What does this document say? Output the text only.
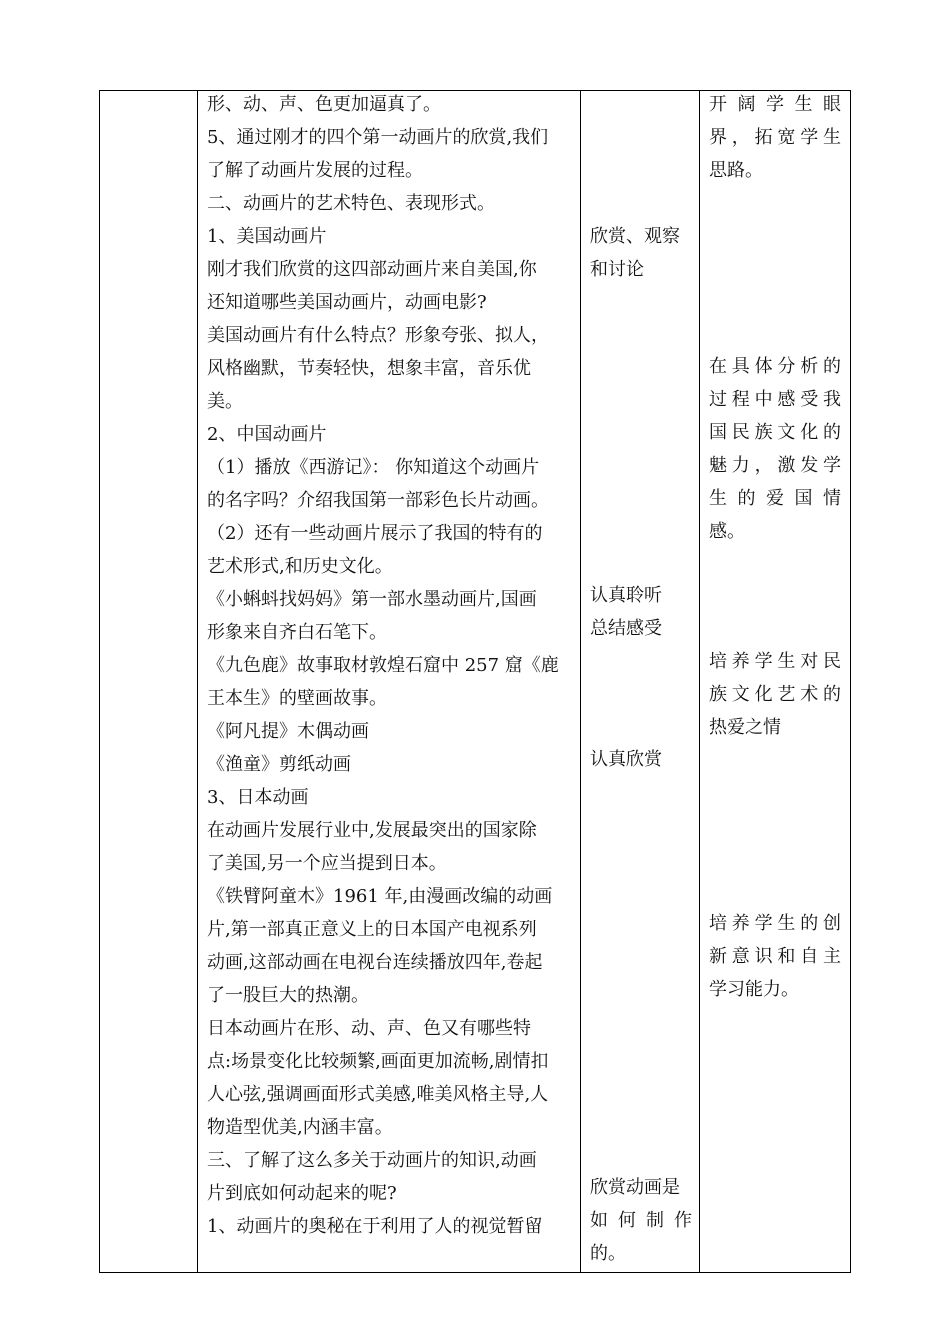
形、动、声、色更加逼真了。

5、通过刚才的四个第一动画片的欣赏,我们

了解了动画片发展的过程。

二、动画片的艺术特色、表现形式。

1、美国动画片

刚才我们欣赏的这四部动画片来自美国,你

还知道哪些美国动画片，动画电影?

美国动画片有什么特点？形象夸张、拟人，

风格幽默，节奏轻快，想象丰富，音乐优

美。

2、中国动画片

（1）播放《西游记》： 你知道这个动画片

的名字吗？介绍我国第一部彩色长片动画。

（2）还有一些动画片展示了我国的特有的

艺术形式,和历史文化。

《小蝌蚪找妈妈》第一部水墨动画片,国画

形象来自齐白石笔下。

《九色鹿》故事取材敦煌石窟中 257 窟《鹿

王本生》的壁画故事。

《阿凡提》木偶动画

《渔童》剪纸动画

3、日本动画

在动画片发展行业中,发展最突出的国家除

了美国,另一个应当提到日本。

《铁臂阿童木》1961 年,由漫画改编的动画

片,第一部真正意义上的日本国产电视系列

动画,这部动画在电视台连续播放四年,卷起

了一股巨大的热潮。

日本动画片在形、动、声、色又有哪些特

点:场景变化比较频繁,画面更加流畅,剧情扣

人心弦,强调画面形式美感,唯美风格主导,人

物造型优美,内涵丰富。

三、了解了这么多关于动画片的知识,动画

片到底如何动起来的呢?

1、动画片的奥秘在于利用了人的视觉暂留

欣赏、观察

和讨论

认真聆听

总结感受

认真欣赏

欣赏动画是

如 何 制 作

的。

开 阔 学 生 眼

界，拓宽学生

思路。

在具体分析的

过程中感受我

国民族文化的

魅力，激发学

生 的 爱 国 情

感。

培养学生对民

族文化艺术的

热爱之情

培养学生的创

新意识和自主

学习能力。
